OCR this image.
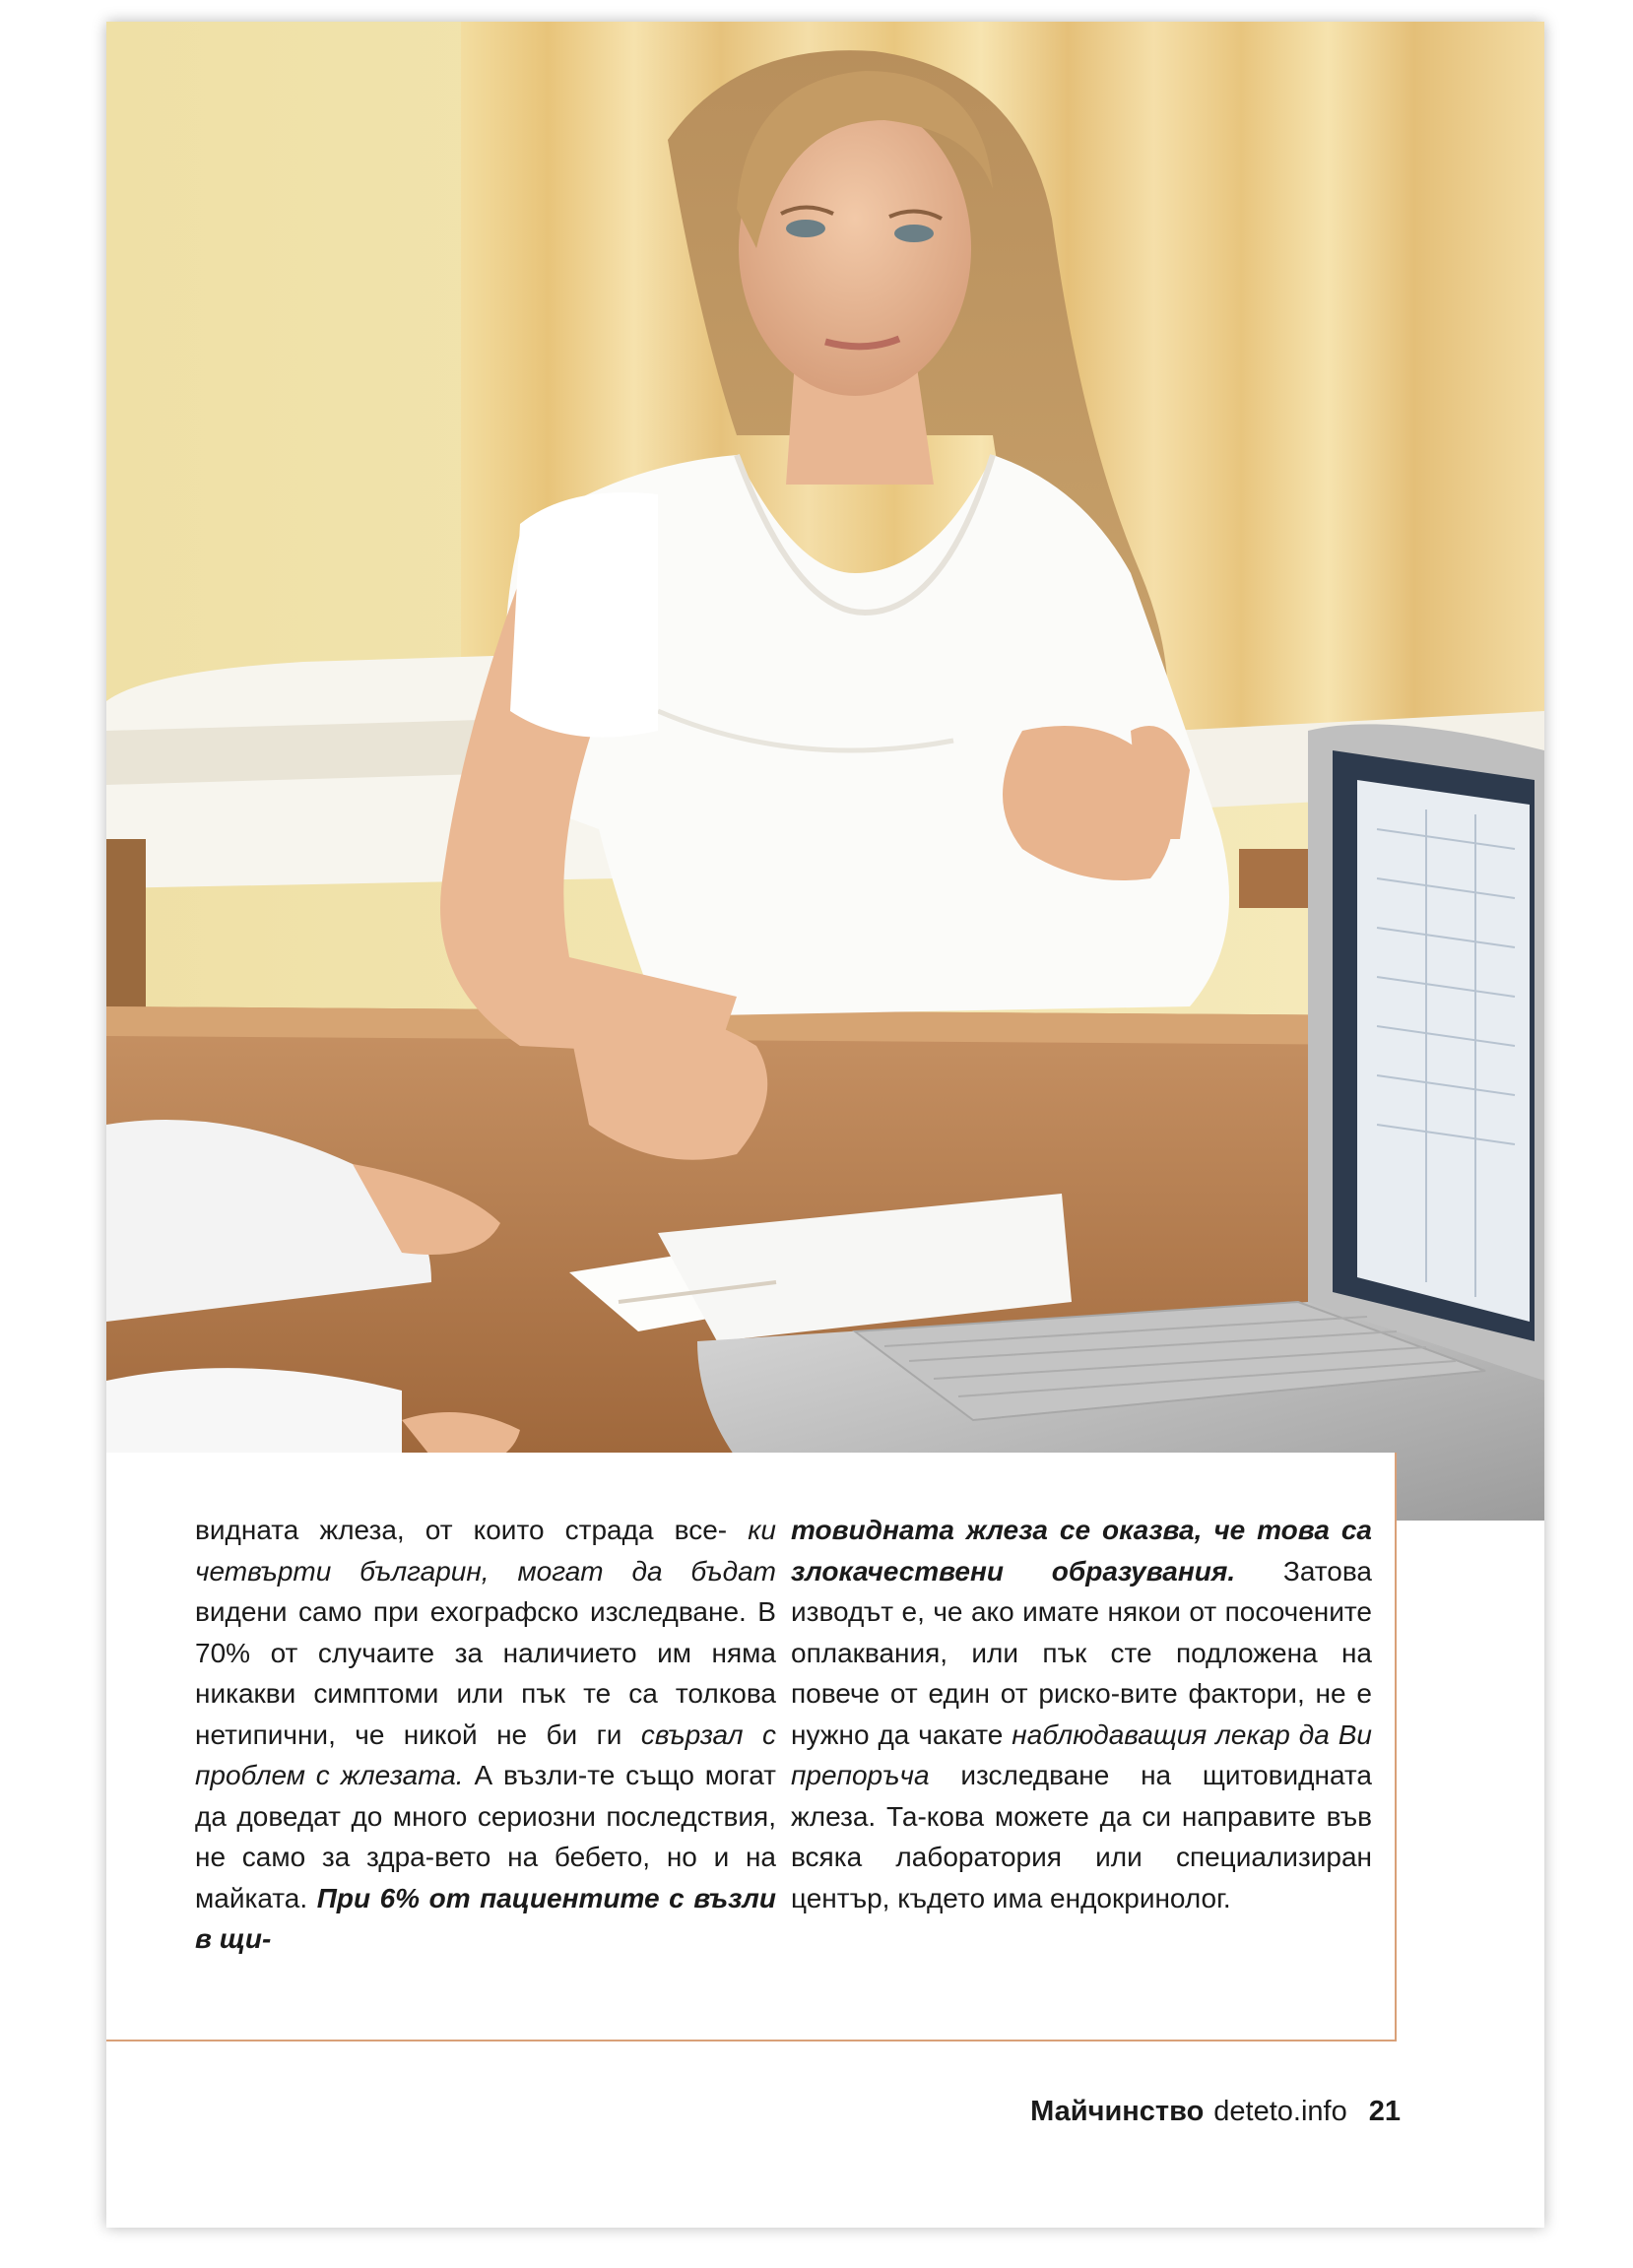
видната жлеза, от които страда все- ки четвърти българин, могат да бъдат видени само при ехографско изследване. В 70% от случаите за наличието им няма никакви симптоми или пък те са толкова нетипични, че никой не би ги свързал с проблем с жлезата. А възли-те също могат да доведат до много сериозни последствия, не само за здра-вето на бебето, но и на майката. При 6% от пациентите с възли в щи-
товидната жлеза се оказва, че това са злокачествени образувания. Затова изводът е, че ако имате някои от посочените оплаквания, или пък сте подложена на повече от един от риско-вите фактори, не е нужно да чакате наблюдаващия лекар да Ви препоръча изследване на щитовидната жлеза. Та-кова можете да си направите във всяка лаборатория или специализиран център, където има ендокринолог.
Майчинство deteto.info 21
